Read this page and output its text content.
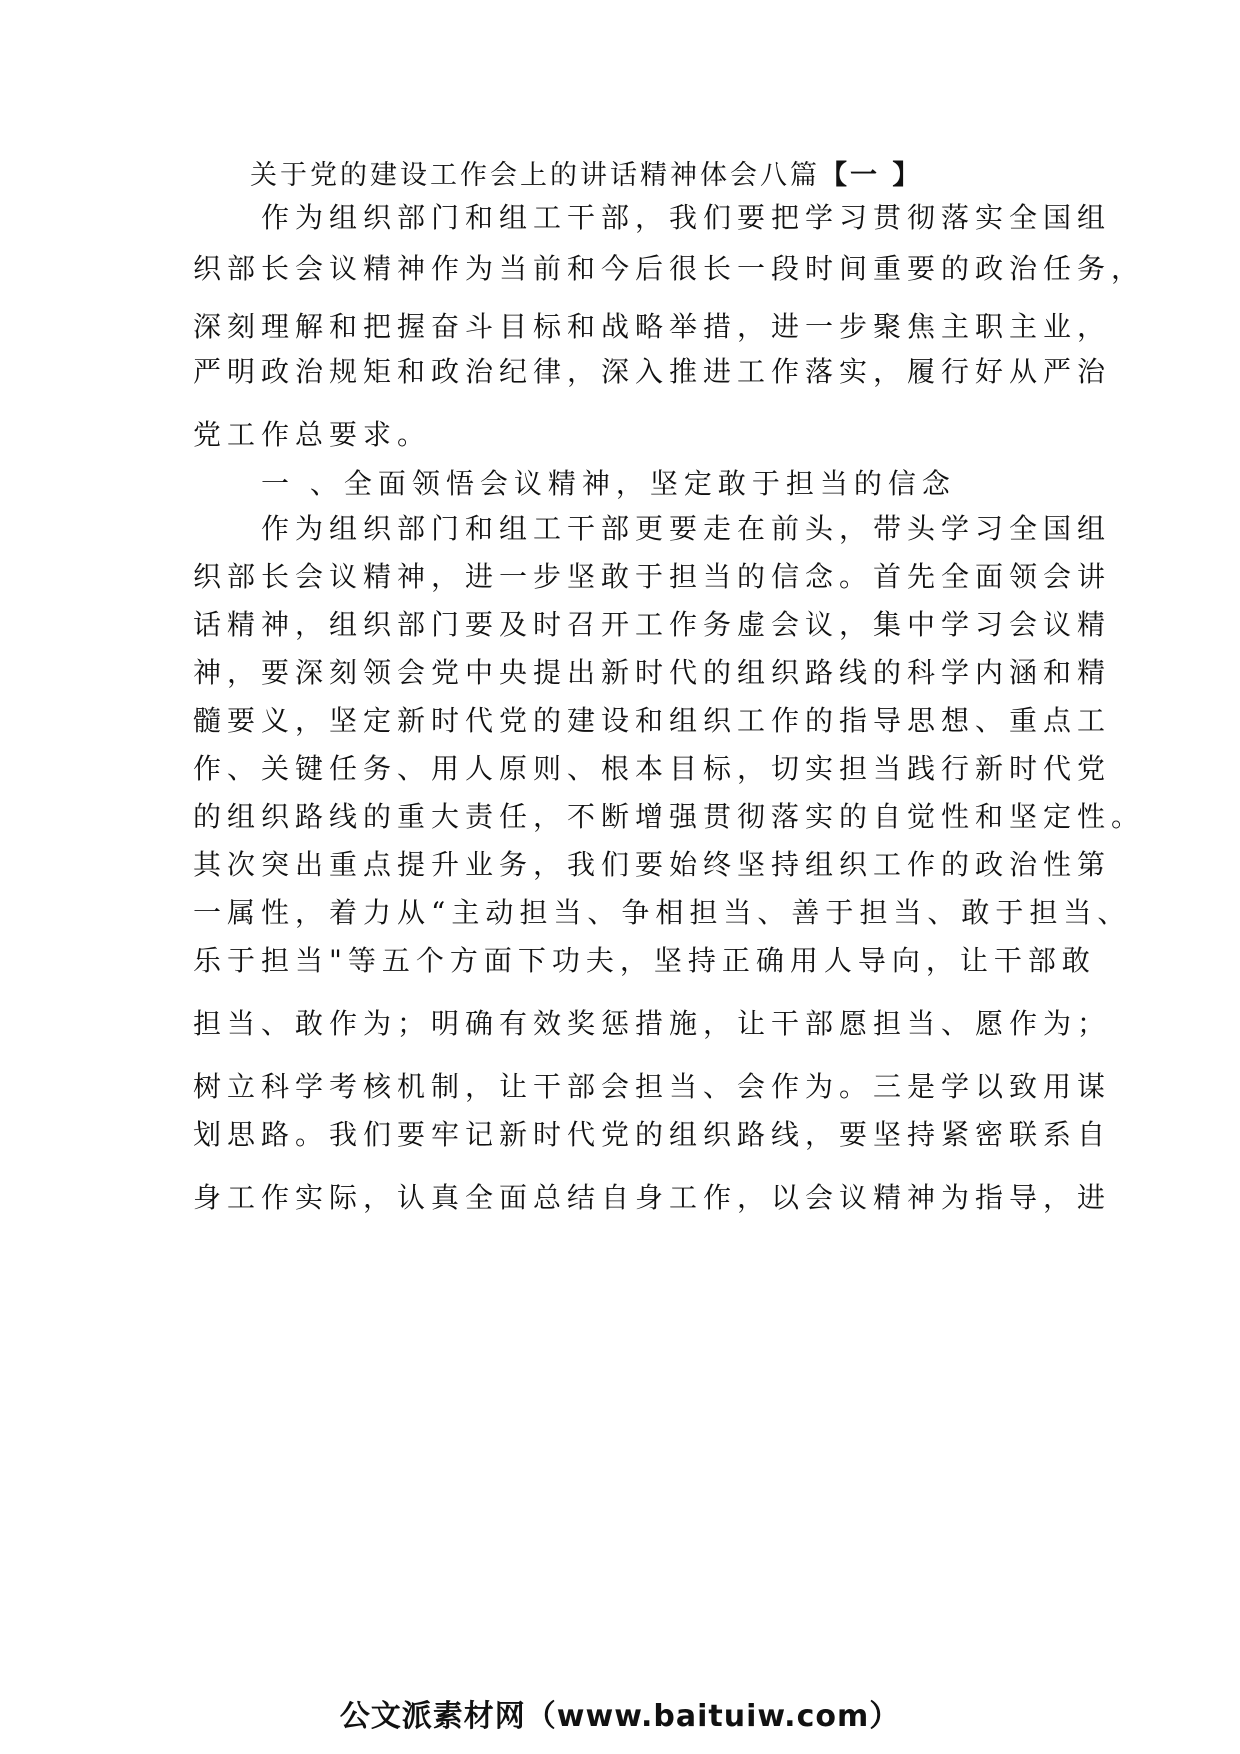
关于党的建设工作会上的讲话精神体会八篇【一 】

　　作为组织部门和组工干部，我们要把学习贯彻落实全国组

织部长会议精神作为当前和今后很长一段时间重要的政治任务，

深刻理解和把握奋斗目标和战略举措，进一步聚焦主职主业，

严明政治规矩和政治纪律，深入推进工作落实，履行好从严治

党工作总要求。

　　一 、全面领悟会议精神，坚定敢于担当的信念

　　作为组织部门和组工干部更要走在前头，带头学习全国组

织部长会议精神，进一步坚敢于担当的信念。首先全面领会讲

话精神，组织部门要及时召开工作务虚会议，集中学习会议精

神，要深刻领会党中央提出新时代的组织路线的科学内涵和精

髓要义，坚定新时代党的建设和组织工作的指导思想、重点工

作、关键任务、用人原则、根本目标，切实担当践行新时代党

的组织路线的重大责任，不断增强贯彻落实的自觉性和坚定性。

其次突出重点提升业务，我们要始终坚持组织工作的政治性第

一属性，着力从“主动担当、争相担当、善于担当、敢于担当、

乐于担当"等五个方面下功夫，坚持正确用人导向，让干部敢

担当、敢作为；明确有效奖惩措施，让干部愿担当、愿作为；

树立科学考核机制，让干部会担当、会作为。三是学以致用谋

划思路。我们要牢记新时代党的组织路线，要坚持紧密联系自

身工作实际，认真全面总结自身工作，以会议精神为指导，进

公文派素材网（www.baituiw.com）
